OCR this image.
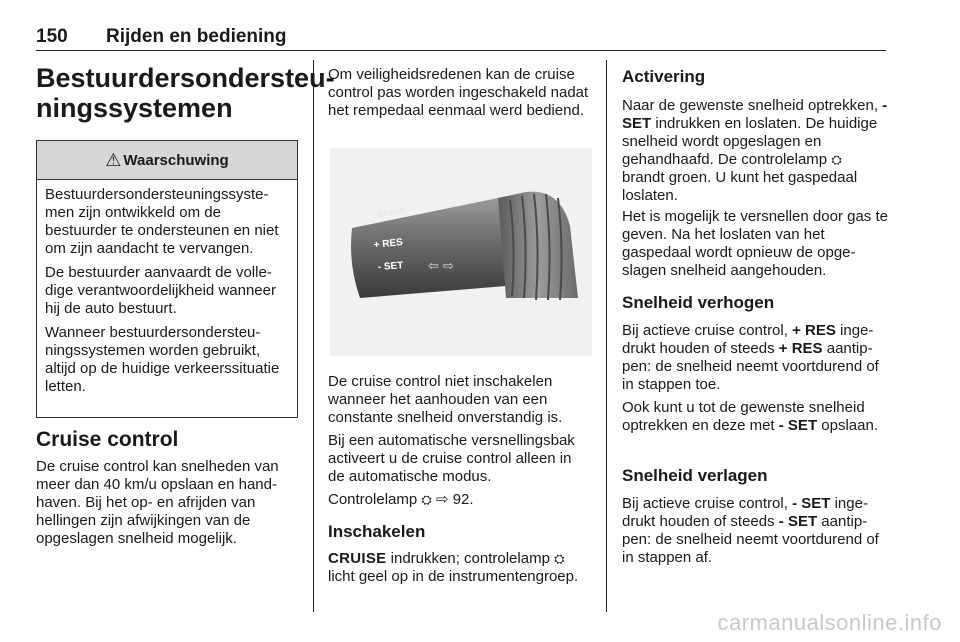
150 Rijden en bediening
Bestuurdersondersteu-
ningssystemen
⚠ Waarschuwing

Bestuurdersondersteuningssystemen zijn ontwikkeld om de bestuurder te ondersteunen en niet om zijn aandacht te vervangen.

De bestuurder aanvaardt de volledige verantwoordelijkheid wanneer hij de auto bestuurt.

Wanneer bestuurdersondersteuningssystemen worden gebruikt, altijd op de huidige verkeerssituatie letten.

Cruise control

De cruise control kan snelheden van meer dan 40 km/u opslaan en handhaven. Bij het op- en afrijden van hellingen zijn afwijkingen van de opgeslagen snelheid mogelijk.

Om veiligheidsredenen kan de cruise control pas worden ingeschakeld nadat het rempedaal eenmaal werd bediend.

Cruise
+ RES
- SET ⇦ ⇨

De cruise control niet inschakelen wanneer het aanhouden van een constante snelheid onverstandig is.

Bij een automatische versnellingsbak activeert u de cruise control alleen in de automatische modus.

Controlelamp ⛭ ⇨ 92.

Inschakelen

CRUISE indrukken; controlelamp ⛭ licht geel op in de instrumentengroep.

Activering

Naar de gewenste snelheid optrekken, - SET indrukken en loslaten. De huidige snelheid wordt opgeslagen en gehandhaafd. De controlelamp ⛭ brandt groen. U kunt het gaspedaal loslaten.

Het is mogelijk te versnellen door gas te geven. Na het loslaten van het gaspedaal wordt opnieuw de opgeslagen snelheid aangehouden.

Snelheid verhogen

Bij actieve cruise control, + RES ingedrukt houden of steeds + RES aantippen: de snelheid neemt voortdurend of in stappen toe.

Ook kunt u tot de gewenste snelheid optrekken en deze met - SET opslaan.

Snelheid verlagen

Bij actieve cruise control, - SET ingedrukt houden of steeds - SET aantippen: de snelheid neemt voortdurend of in stappen af.

carmanualsonline.info
